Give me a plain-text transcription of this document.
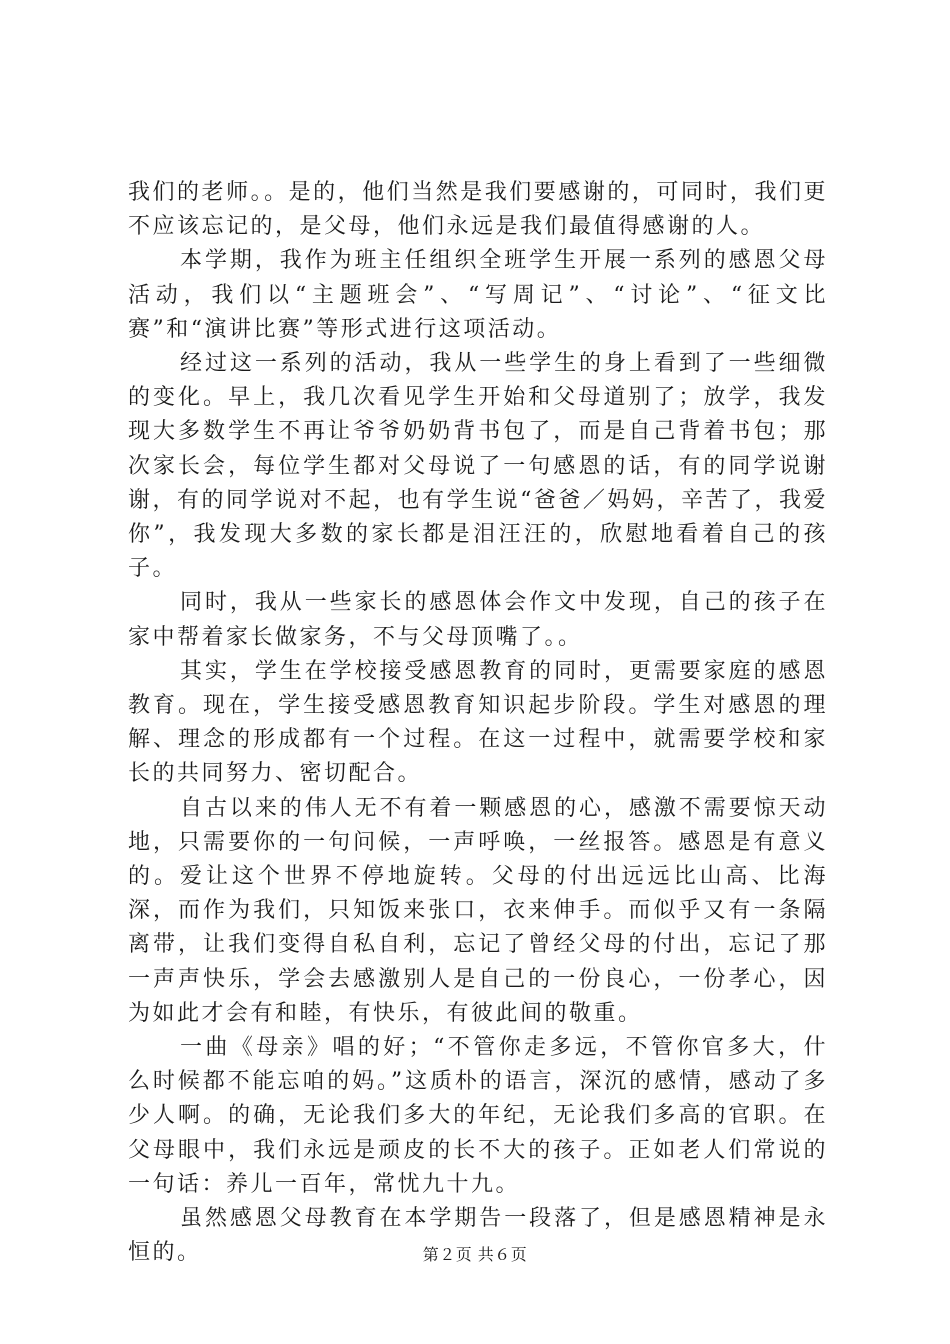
我们的老师。。是的，他们当然是我们要感谢的，可同时，我们更不应该忘记的，是父母，他们永远是我们最值得感谢的人。

本学期，我作为班主任组织全班学生开展一系列的感恩父母活动，我们以“主题班会”、“写周记”、“讨论”、“征文比赛”和“演讲比赛”等形式进行这项活动。

经过这一系列的活动，我从一些学生的身上看到了一些细微的变化。早上，我几次看见学生开始和父母道别了；放学，我发现大多数学生不再让爷爷奶奶背书包了，而是自己背着书包；那次家长会，每位学生都对父母说了一句感恩的话，有的同学说谢谢，有的同学说对不起，也有学生说“爸爸／妈妈，辛苦了，我爱你”，我发现大多数的家长都是泪汪汪的，欣慰地看着自己的孩子。

同时，我从一些家长的感恩体会作文中发现，自己的孩子在家中帮着家长做家务，不与父母顶嘴了。。

其实，学生在学校接受感恩教育的同时，更需要家庭的感恩教育。现在，学生接受感恩教育知识起步阶段。学生对感恩的理解、理念的形成都有一个过程。在这一过程中，就需要学校和家长的共同努力、密切配合。

自古以来的伟人无不有着一颗感恩的心，感激不需要惊天动地，只需要你的一句问候，一声呼唤，一丝报答。感恩是有意义的。爱让这个世界不停地旋转。父母的付出远远比山高、比海深，而作为我们，只知饭来张口，衣来伸手。而似乎又有一条隔离带，让我们变得自私自利，忘记了曾经父母的付出，忘记了那一声声快乐，学会去感激别人是自己的一份良心，一份孝心，因为如此才会有和睦，有快乐，有彼此间的敬重。

一曲《母亲》唱的好；“不管你走多远，不管你官多大，什么时候都不能忘咱的妈。”这质朴的语言，深沉的感情，感动了多少人啊。的确，无论我们多大的年纪，无论我们多高的官职。在父母眼中，我们永远是顽皮的长不大的孩子。正如老人们常说的一句话：养儿一百年，常忧九十九。

虽然感恩父母教育在本学期告一段落了，但是感恩精神是永恒的。	第２页 共６页
